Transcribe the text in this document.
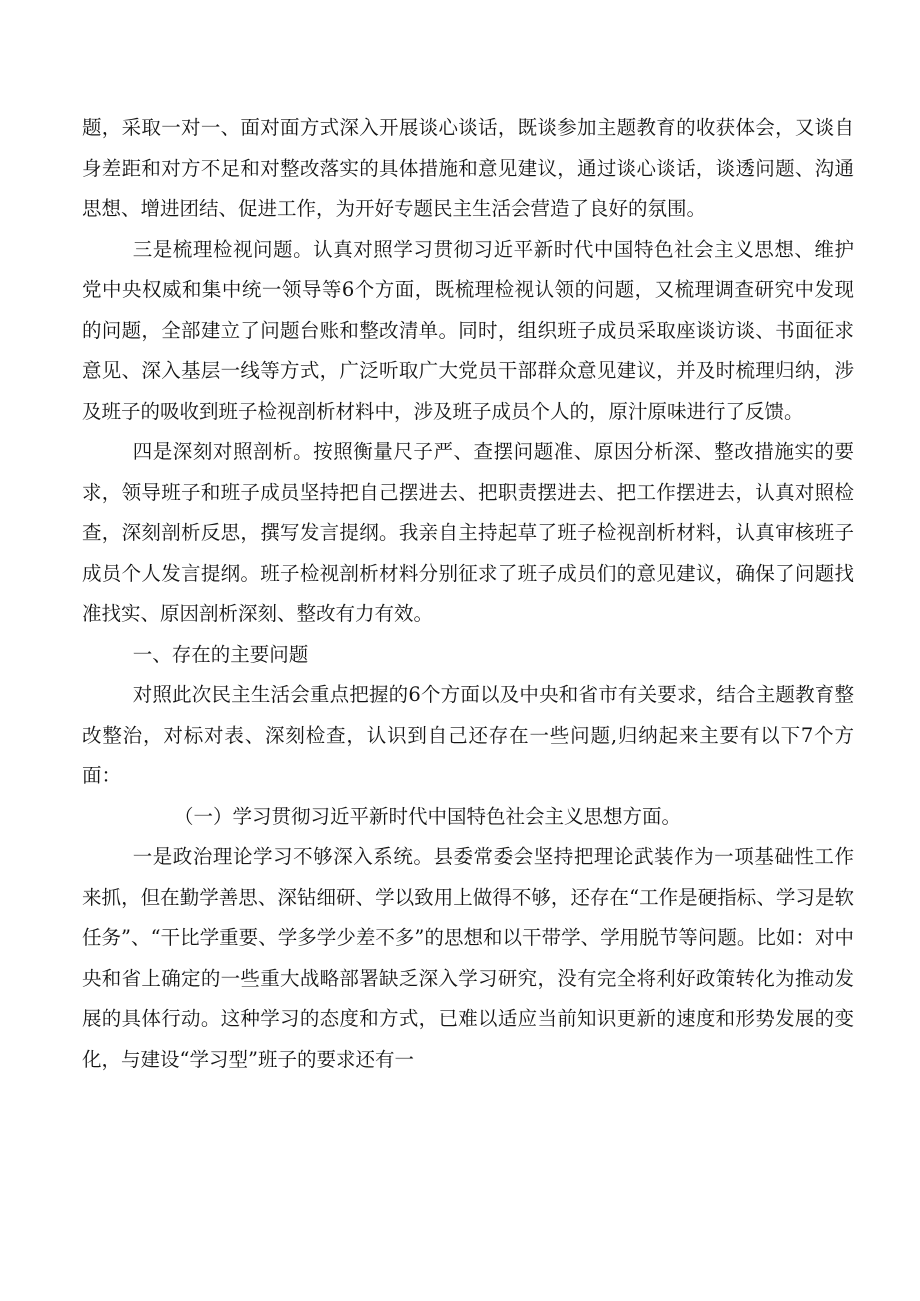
题，采取一对一、面对面方式深入开展谈心谈话，既谈参加主题教育的收获体会，又谈自身差距和对方不足和对整改落实的具体措施和意见建议，通过谈心谈话，谈透问题、沟通思想、增进团结、促进工作，为开好专题民主生活会营造了良好的氛围。

三是梳理检视问题。认真对照学习贯彻习近平新时代中国特色社会主义思想、维护党中央权威和集中统一领导等6个方面，既梳理检视认领的问题，又梳理调查研究中发现的问题，全部建立了问题台账和整改清单。同时，组织班子成员采取座谈访谈、书面征求意见、深入基层一线等方式，广泛听取广大党员干部群众意见建议，并及时梳理归纳，涉及班子的吸收到班子检视剖析材料中，涉及班子成员个人的，原汁原味进行了反馈。

四是深刻对照剖析。按照衡量尺子严、查摆问题准、原因分析深、整改措施实的要求，领导班子和班子成员坚持把自己摆进去、把职责摆进去、把工作摆进去，认真对照检查，深刻剖析反思，撰写发言提纲。我亲自主持起草了班子检视剖析材料，认真审核班子成员个人发言提纲。班子检视剖析材料分别征求了班子成员们的意见建议，确保了问题找准找实、原因剖析深刻、整改有力有效。

一、存在的主要问题

对照此次民主生活会重点把握的6个方面以及中央和省市有关要求，结合主题教育整改整治，对标对表、深刻检查，认识到自己还存在一些问题,归纳起来主要有以下7个方面：

（一）学习贯彻习近平新时代中国特色社会主义思想方面。

一是政治理论学习不够深入系统。县委常委会坚持把理论武装作为一项基础性工作来抓，但在勤学善思、深钻细研、学以致用上做得不够，还存在“工作是硬指标、学习是软任务”、“干比学重要、学多学少差不多”的思想和以干带学、学用脱节等问题。比如：对中央和省上确定的一些重大战略部署缺乏深入学习研究，没有完全将利好政策转化为推动发展的具体行动。这种学习的态度和方式，已难以适应当前知识更新的速度和形势发展的变化，与建设“学习型”班子的要求还有一
